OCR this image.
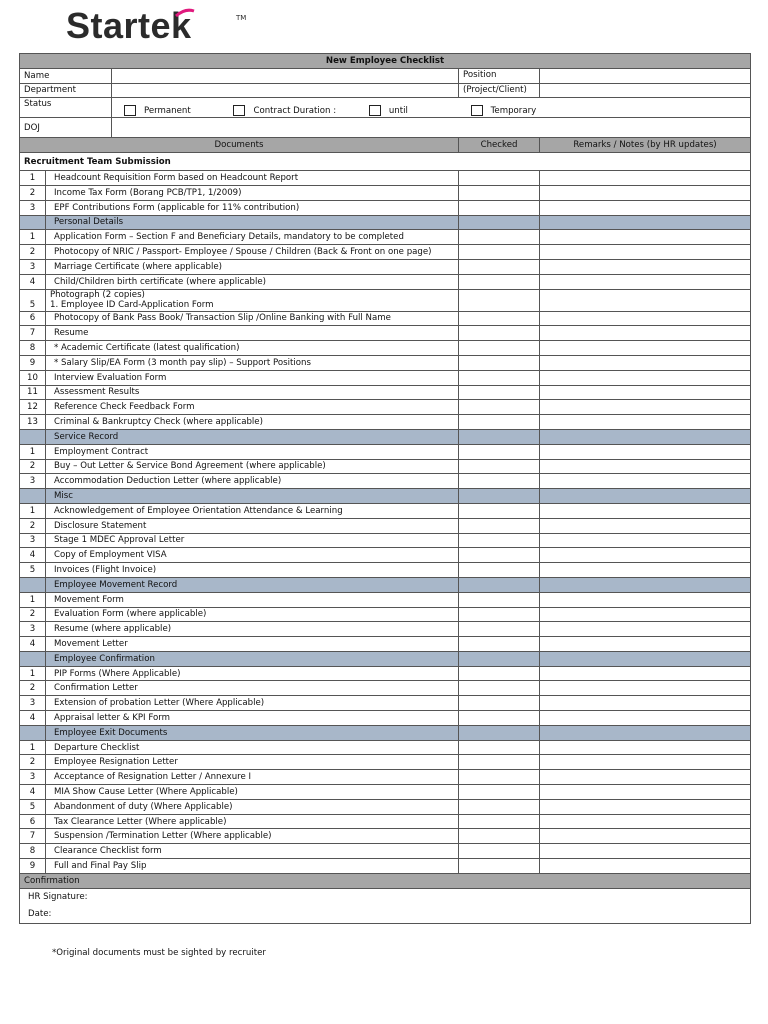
Startek	TM
New Employee Checklist				
Name			Position	
Department			(Project/Client)	
Status		Permanent Contract Duration : until Temporary		
DOJ				
Documents			Checked	Remarks / Notes (by HR updates)
Recruitment Team Submission				
1	Headcount Requisition Form based on Headcount Report			
2	Income Tax Form (Borang PCB/TP1, 1/2009)			
3	EPF Contributions Form (applicable for 11% contribution)			
	Personal Details			
1	Application Form – Section F and Beneficiary Details, mandatory to be completed			
2	Photocopy of NRIC / Passport- Employee / Spouse / Children (Back & Front on one page)			
3	Marriage Certificate (where applicable)			
4	Child/Children birth certificate (where applicable)			
5	Photograph (2 copies)
1. Employee ID Card-Application Form			

6	Photocopy of Bank Pass Book/ Transaction Slip /Online Banking with Full Name			
7	Resume			
8	* Academic Certificate (latest qualification)			
9	* Salary Slip/EA Form (3 month pay slip) – Support Positions			
10	Interview Evaluation Form			
11	Assessment Results			
12	Reference Check Feedback Form			
13	Criminal & Bankruptcy Check (where applicable)			
	Service Record			
1	Employment Contract			
2	Buy – Out Letter & Service Bond Agreement (where applicable)			
3	Accommodation Deduction Letter (where applicable)			
	Misc			
1	Acknowledgement of Employee Orientation Attendance & Learning			
2	Disclosure Statement			
3	Stage 1 MDEC Approval Letter			
4	Copy of Employment VISA			
5	Invoices (Flight Invoice)			
	Employee Movement Record			
1	Movement Form			
2	Evaluation Form (where applicable)			
3	Resume (where applicable)			
4	Movement Letter			
	Employee Confirmation			
1	PIP Forms (Where Applicable)			
2	Confirmation Letter			
3	Extension of probation Letter (Where Applicable)			
4	Appraisal letter & KPI Form			
	Employee Exit Documents			
1	Departure Checklist			
2	Employee Resignation Letter			
3	Acceptance of Resignation Letter / Annexure I			
4	MIA Show Cause Letter (Where Applicable)			
5	Abandonment of duty (Where Applicable)			
6	Tax Clearance Letter (Where applicable)			
7	Suspension /Termination Letter (Where applicable)			
8	Clearance Checklist form			
9	Full and Final Pay Slip			
Confirmation				

HR Signature:
Date:				
*Original documents must be sighted by recruiter
